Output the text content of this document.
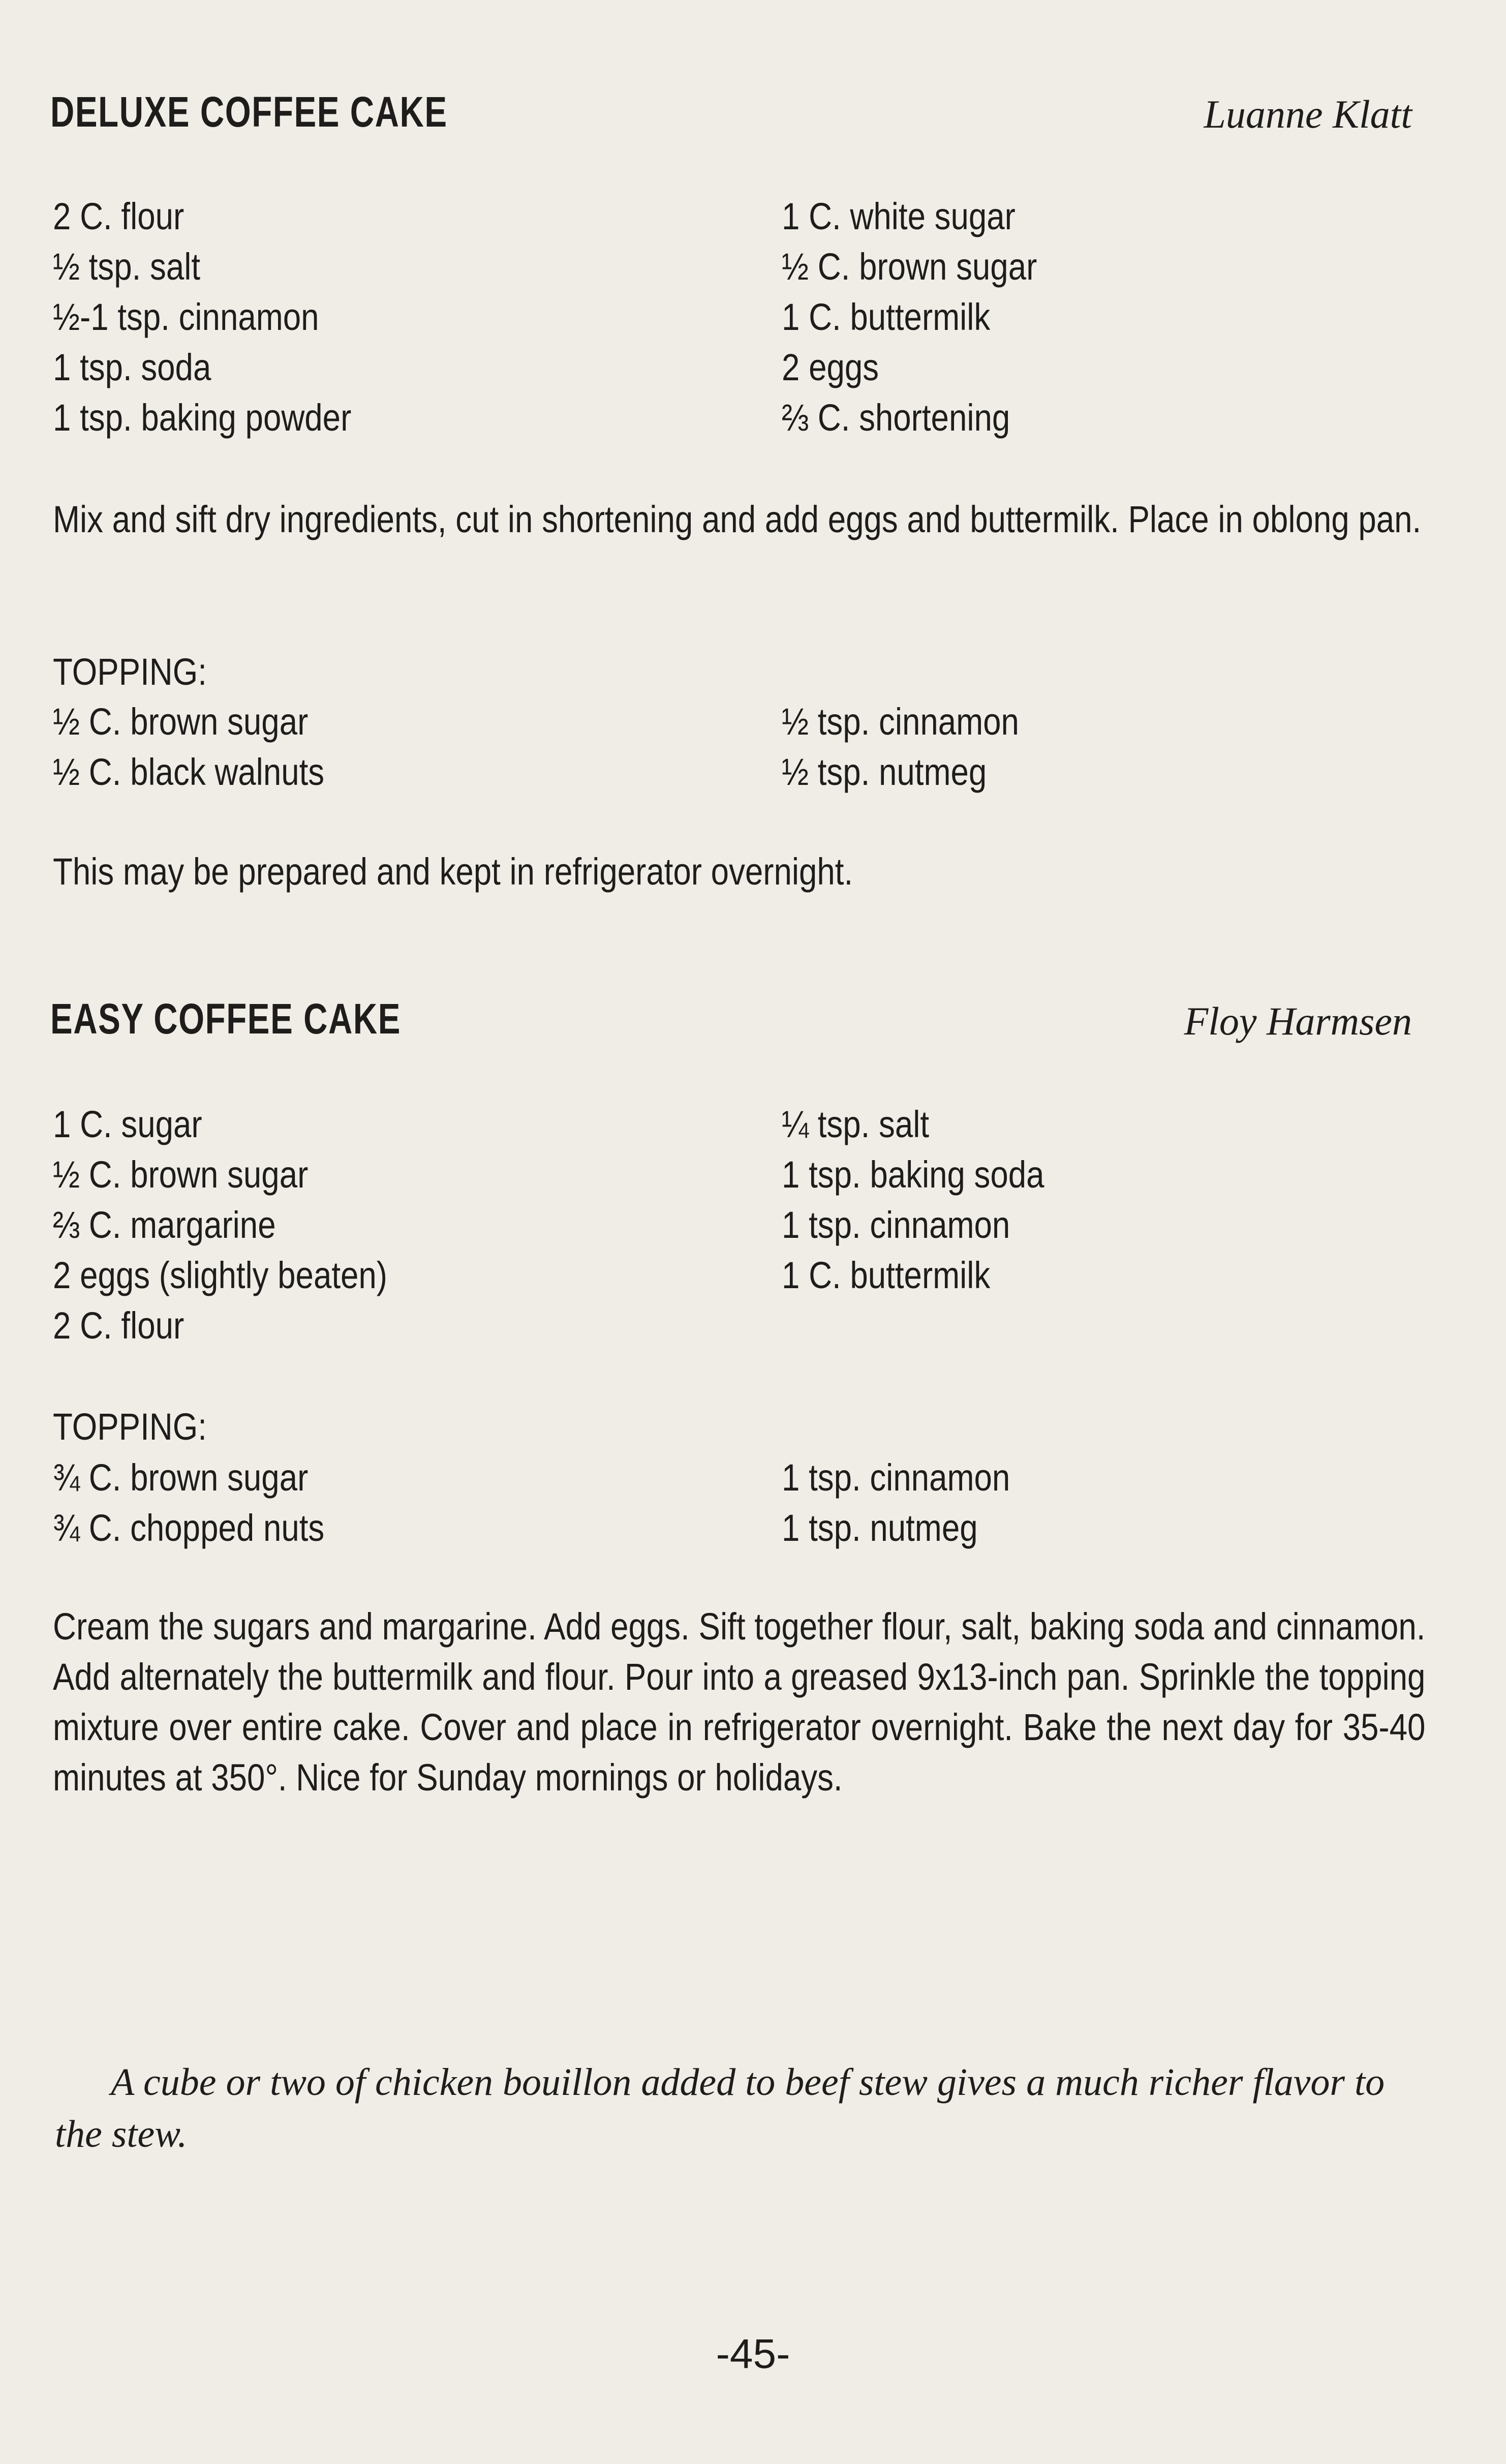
DELUXE COFFEE CAKE	Luanne Klatt
2 C. flour
½ tsp. salt
½-1 tsp. cinnamon
1 tsp. soda
1 tsp. baking powder
1 C. white sugar
½ C. brown sugar
1 C. buttermilk
2 eggs
⅔ C. shortening
Mix and sift dry ingredients, cut in shortening and add eggs and buttermilk. Place in oblong pan.
TOPPING:
½ C. brown sugar
½ C. black walnuts
½ tsp. cinnamon
½ tsp. nutmeg
This may be prepared and kept in refrigerator overnight.
EASY COFFEE CAKE	Floy Harmsen
1 C. sugar
½ C. brown sugar
⅔ C. margarine
2 eggs (slightly beaten)
2 C. flour
¼ tsp. salt
1 tsp. baking soda
1 tsp. cinnamon
1 C. buttermilk
TOPPING:
¾ C. brown sugar
¾ C. chopped nuts
1 tsp. cinnamon
1 tsp. nutmeg
Cream the sugars and margarine. Add eggs. Sift together flour, salt, baking soda and cinnamon. Add alternately the buttermilk and flour. Pour into a greased 9x13-inch pan. Sprinkle the topping mixture over entire cake. Cover and place in refrigerator overnight. Bake the next day for 35-40 minutes at 350°. Nice for Sunday mornings or holidays.
A cube or two of chicken bouillon added to beef stew gives a much richer flavor to the stew.
-45-
